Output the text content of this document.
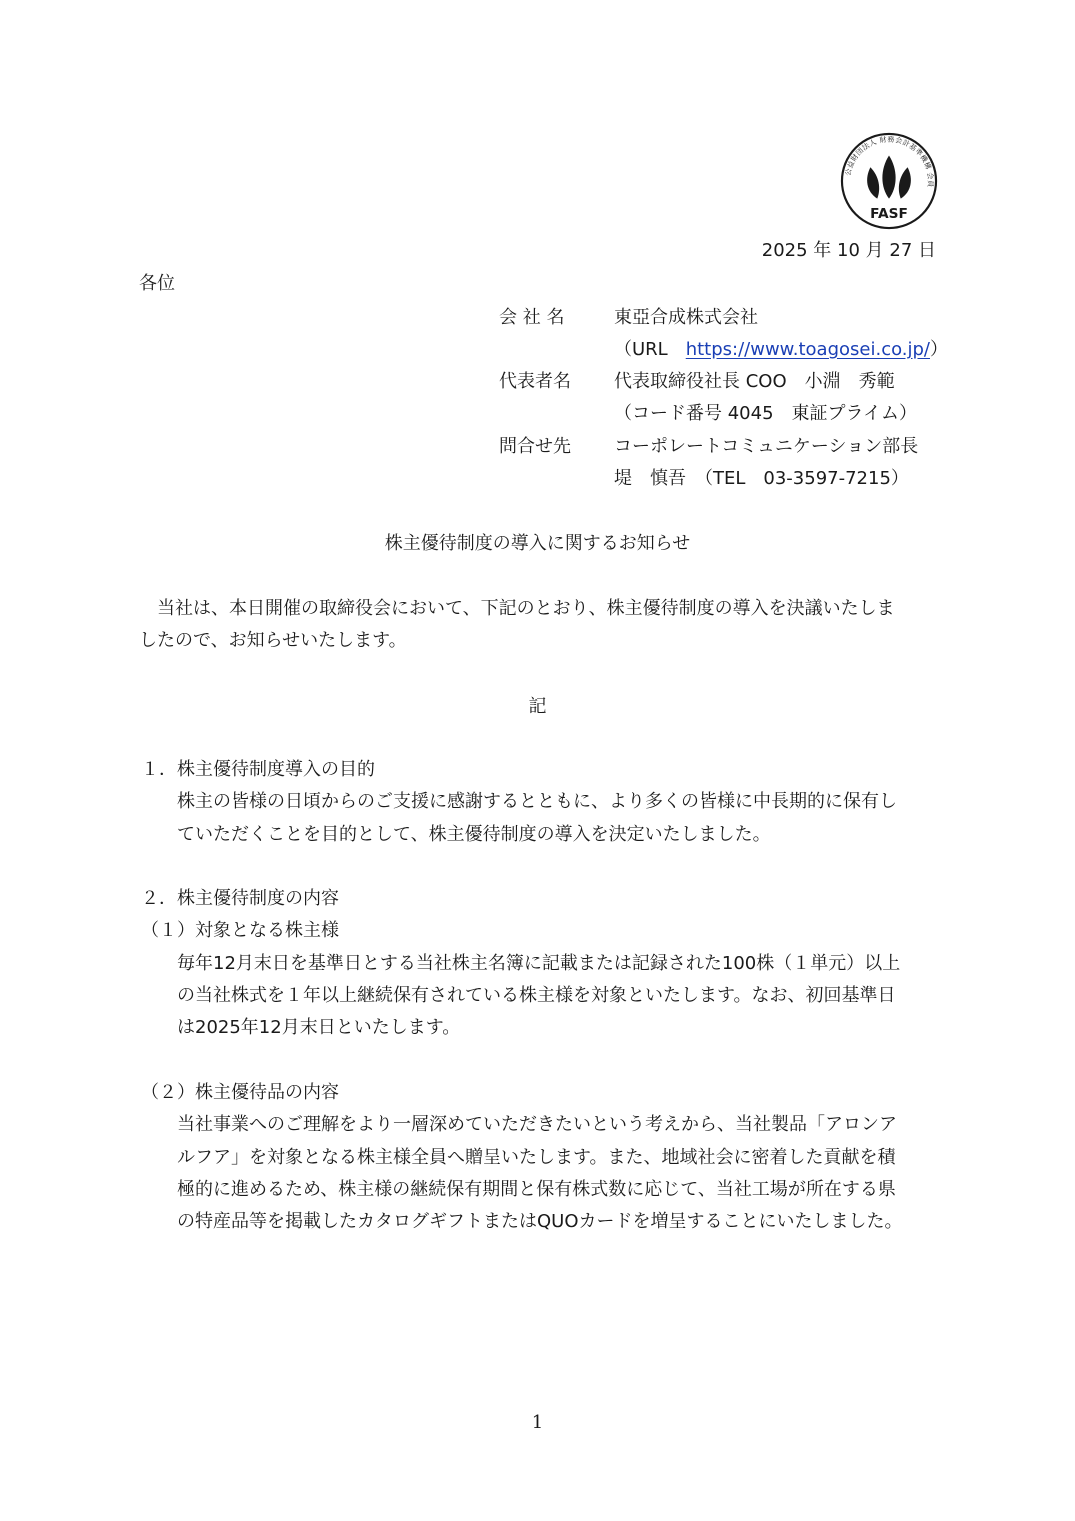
公益財団法人 財務会計基準機構 会員
FASF
2025 年 10 月 27 日
各位
会 社 名	東亞合成株式会社
（URL　https://www.toagosei.co.jp/）
代表者名 代表取締役社長 COO　小淵　秀範
（コード番号 4045　東証プライム）
問合せ先 コーポレートコミュニケーション部長
堤　慎吾　（TEL　03-3597-7215）
株主優待制度の導入に関するお知らせ
　当社は、本日開催の取締役会において、下記のとおり、株主優待制度の導入を決議いたしま
したので、お知らせいたします。
記
１．株主優待制度導入の目的
株主の皆様の日頃からのご支援に感謝するとともに、より多くの皆様に中長期的に保有し
ていただくことを目的として、株主優待制度の導入を決定いたしました。
２．株主優待制度の内容
（１）対象となる株主様
毎年12月末日を基準日とする当社株主名簿に記載または記録された100株（１単元）以上
の当社株式を１年以上継続保有されている株主様を対象といたします。なお、初回基準日
は2025年12月末日といたします。
（２）株主優待品の内容
当社事業へのご理解をより一層深めていただきたいという考えから、当社製品「アロンア
ルフア」を対象となる株主様全員へ贈呈いたします。また、地域社会に密着した貢献を積
極的に進めるため、株主様の継続保有期間と保有株式数に応じて、当社工場が所在する県
の特産品等を掲載したカタログギフトまたはQUOカードを増呈することにいたしました。
1
